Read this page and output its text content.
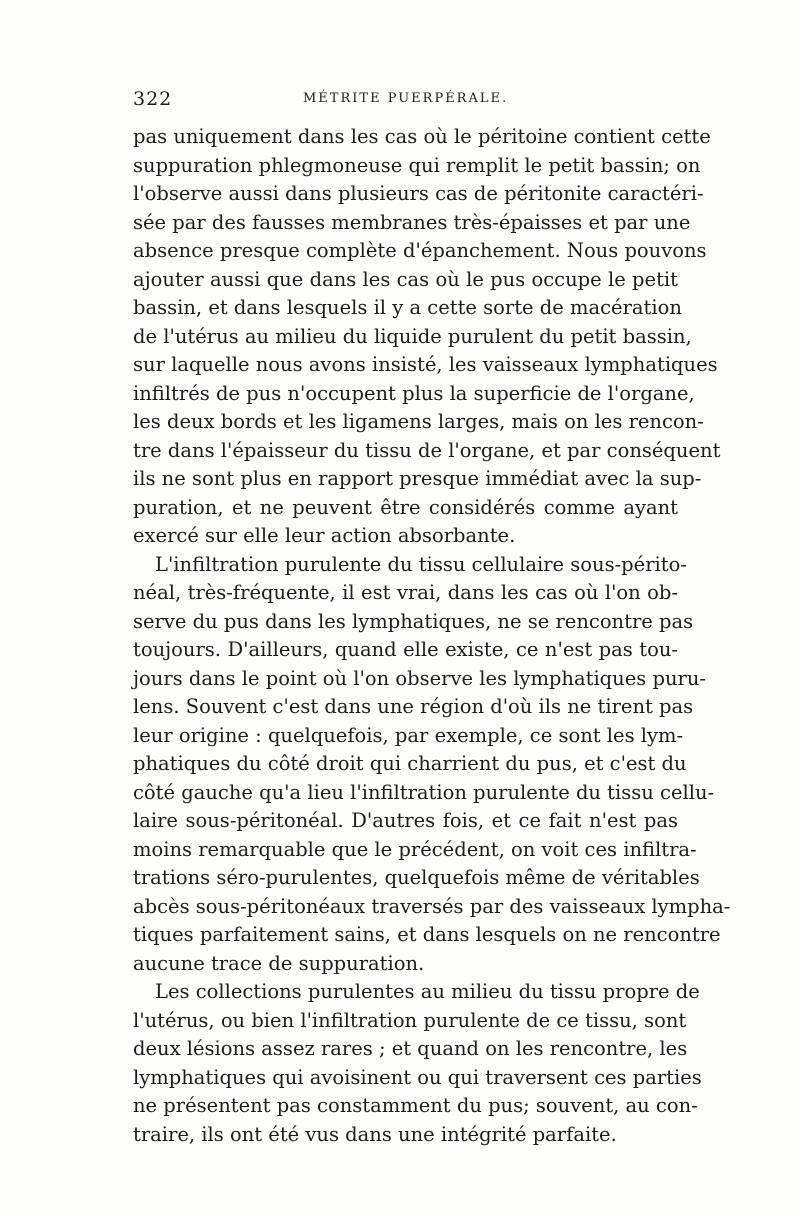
322	MÉTRITE PUERPÉRALE.
pas uniquement dans les cas où le péritoine contient cette
suppuration phlegmoneuse qui remplit le petit bassin; on
l'observe aussi dans plusieurs cas de péritonite caractéri-
sée par des fausses membranes très-épaisses et par une
absence presque complète d'épanchement. Nous pouvons
ajouter aussi que dans les cas où le pus occupe le petit
bassin, et dans lesquels il y a cette sorte de macération
de l'utérus au milieu du liquide purulent du petit bassin,
sur laquelle nous avons insisté, les vaisseaux lymphatiques
infiltrés de pus n'occupent plus la superficie de l'organe,
les deux bords et les ligamens larges, mais on les rencon-
tre dans l'épaisseur du tissu de l'organe, et par conséquent
ils ne sont plus en rapport presque immédiat avec la sup-
puration, et ne peuvent être considérés comme ayant
exercé sur elle leur action absorbante.
L'infiltration purulente du tissu cellulaire sous-périto-
néal, très-fréquente, il est vrai, dans les cas où l'on ob-
serve du pus dans les lymphatiques, ne se rencontre pas
toujours. D'ailleurs, quand elle existe, ce n'est pas tou-
jours dans le point où l'on observe les lymphatiques puru-
lens. Souvent c'est dans une région d'où ils ne tirent pas
leur origine : quelquefois, par exemple, ce sont les lym-
phatiques du côté droit qui charrient du pus, et c'est du
côté gauche qu'a lieu l'infiltration purulente du tissu cellu-
laire sous-péritonéal. D'autres fois, et ce fait n'est pas
moins remarquable que le précédent, on voit ces infiltra-
trations séro-purulentes, quelquefois même de véritables
abcès sous-péritonéaux traversés par des vaisseaux lympha-
tiques parfaitement sains, et dans lesquels on ne rencontre
aucune trace de suppuration.
Les collections purulentes au milieu du tissu propre de
l'utérus, ou bien l'infiltration purulente de ce tissu, sont
deux lésions assez rares ; et quand on les rencontre, les
lymphatiques qui avoisinent ou qui traversent ces parties
ne présentent pas constamment du pus; souvent, au con-
traire, ils ont été vus dans une intégrité parfaite.
